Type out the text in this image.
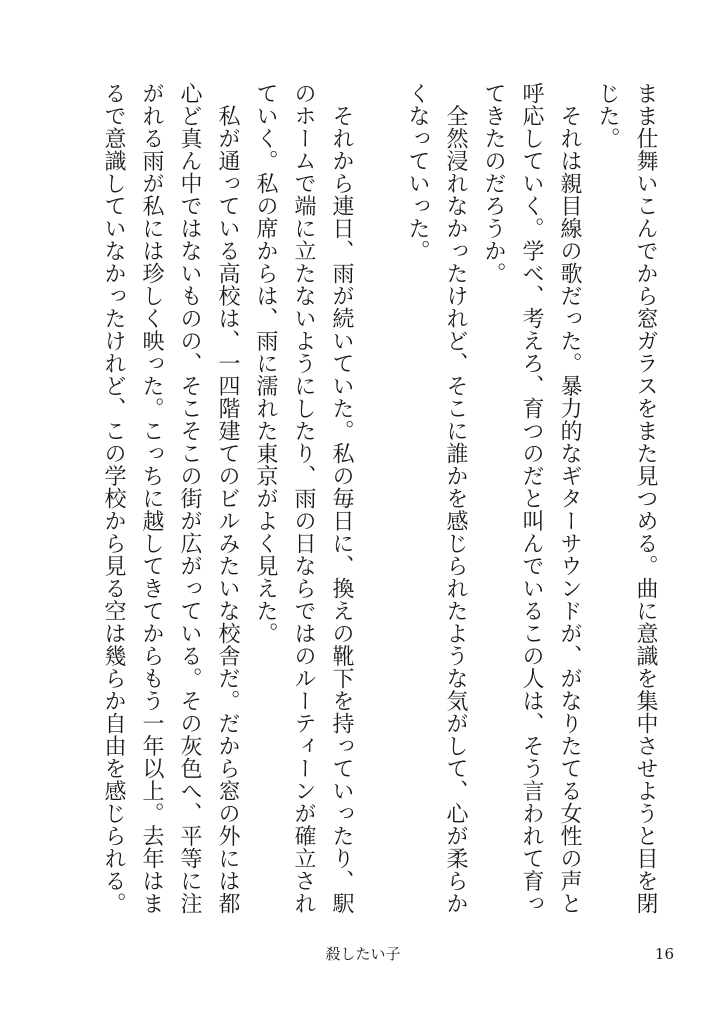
まま仕舞いこんでから窓ガラスをまた見つめる。曲に意識を集中させようと目を閉
じた。
　それは親目線の歌だった。暴力的なギターサウンドが、がなりたてる女性の声と
呼応していく。学べ、考えろ、育つのだと叫んでいるこの人は、そう言われて育っ
てきたのだろうか。
　全然浸れなかったけれど、そこに誰かを感じられたような気がして、心が柔らか
くなっていった。
　それから連日、雨が続いていた。私の毎日に、換えの靴下を持っていったり、駅
のホームで端に立たないようにしたり、雨の日ならではのルーティーンが確立され
ていく。私の席からは、雨に濡れた東京がよく見えた。
　私が通っている高校は、一四階建てのビルみたいな校舎だ。だから窓の外には都
心ど真ん中ではないものの、そこそこの街が広がっている。その灰色へ、平等に注
がれる雨が私には珍しく映った。こっちに越してきてからもう一年以上。去年はま
るで意識していなかったけれど、この学校から見る空は幾らか自由を感じられる。
殺したい子	16
